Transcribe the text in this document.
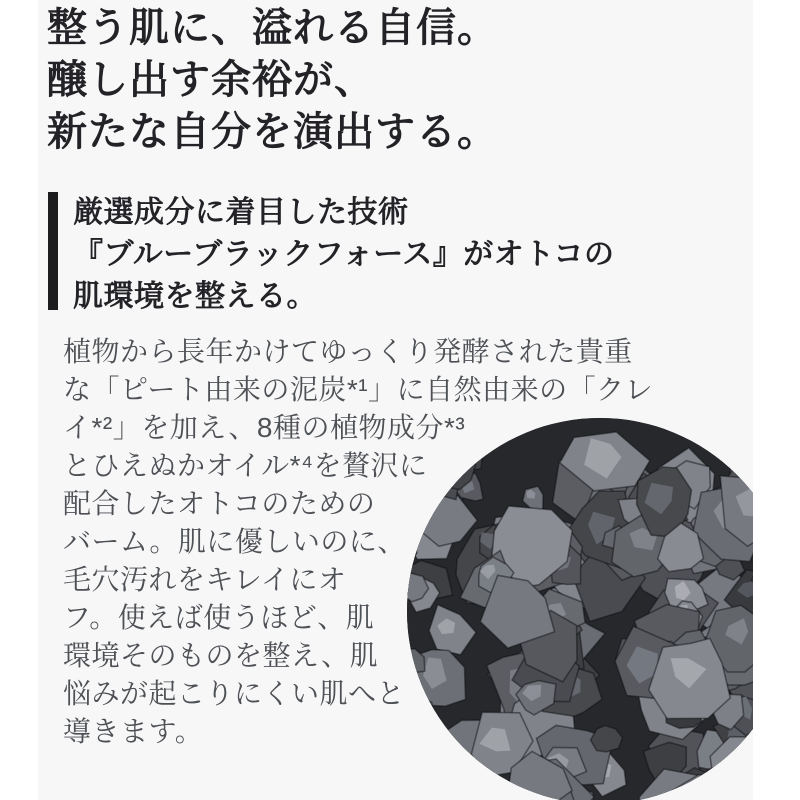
整う肌に、溢れる自信。
醸し出す余裕が、
新たな自分を演出する。
厳選成分に着目した技術
『ブルーブラックフォース』がオトコの
肌環境を整える。
植物から長年かけてゆっくり発酵された貴重
な「ピート由来の泥炭*¹」に自然由来の「クレ
イ*²」を加え、8種の植物成分*³
とひえぬかオイル*⁴を贅沢に
配合したオトコのための
バーム。肌に優しいのに、
毛穴汚れをキレイにオ
フ。使えば使うほど、肌
環境そのものを整え、肌
悩みが起こりにくい肌へと
導きます。
